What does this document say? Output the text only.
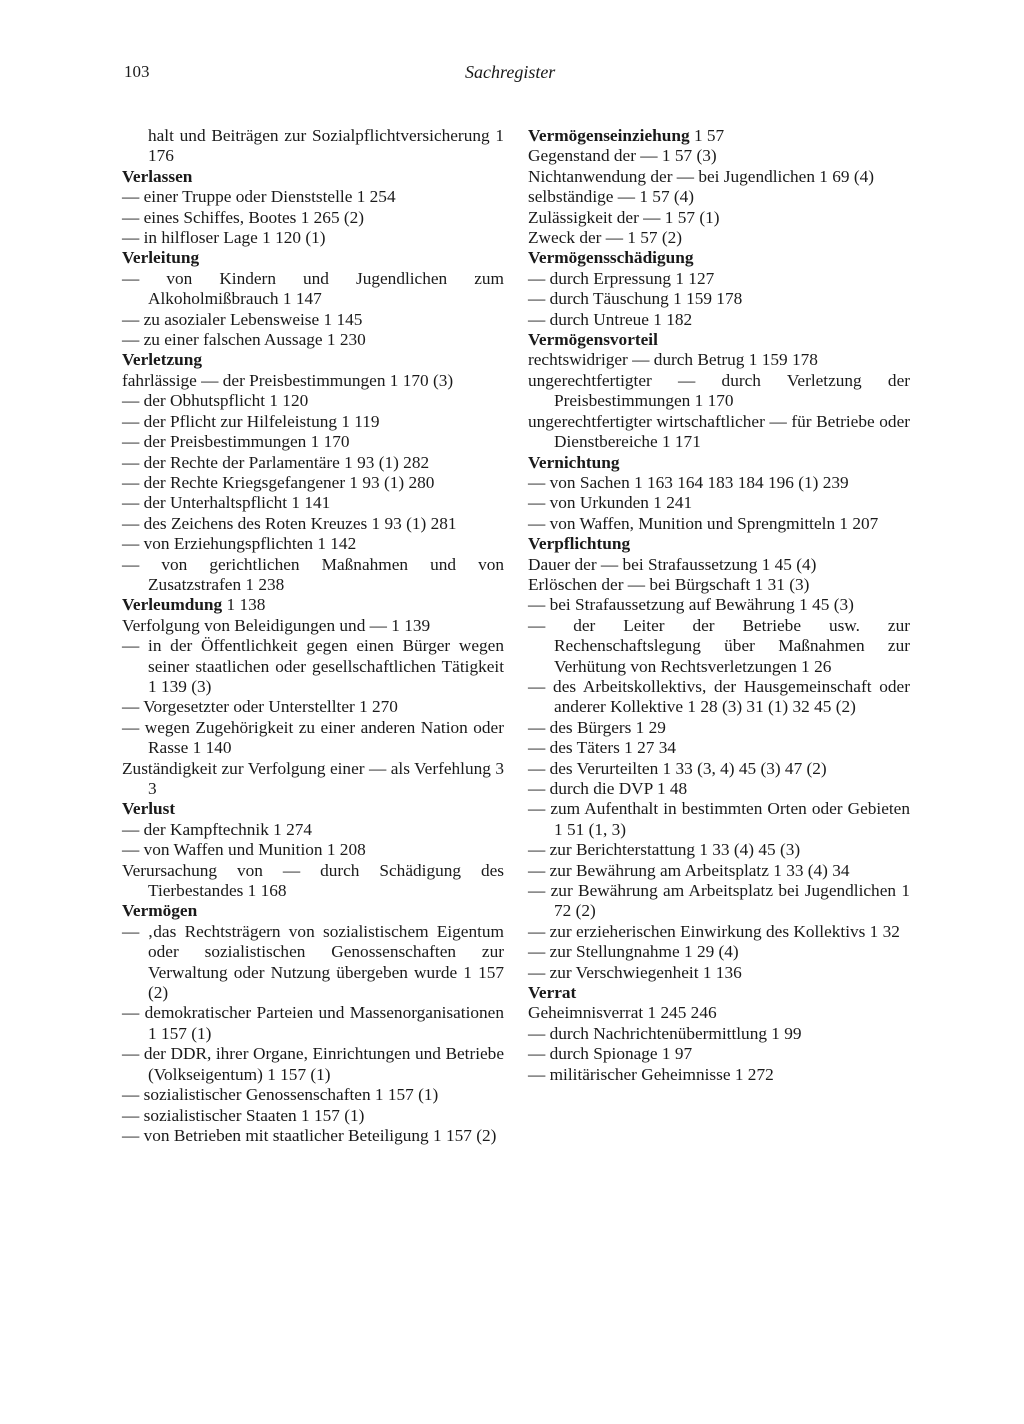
103	Sachregister
halt und Beiträgen zur Sozialpflichtversicherung 1 176
Verlassen
— einer Truppe oder Dienststelle 1 254
— eines Schiffes, Bootes 1 265 (2)
— in hilfloser Lage 1 120 (1)
Verleitung
— von Kindern und Jugendlichen zum Alkoholmißbrauch 1 147
— zu asozialer Lebensweise 1 145
— zu einer falschen Aussage 1 230
Verletzung
fahrlässige — der Preisbestimmungen 1 170 (3)
— der Obhutspflicht 1 120
— der Pflicht zur Hilfeleistung 1 119
— der Preisbestimmungen 1 170
— der Rechte der Parlamentäre 1 93 (1) 282
— der Rechte Kriegsgefangener 1 93 (1) 280
— der Unterhaltspflicht 1 141
— des Zeichens des Roten Kreuzes 1 93 (1) 281
— von Erziehungspflichten 1 142
— von gerichtlichen Maßnahmen und von Zusatzstrafen 1 238
Verleumdung 1 138
Verfolgung von Beleidigungen und — 1 139
— in der Öffentlichkeit gegen einen Bürger wegen seiner staatlichen oder gesellschaftlichen Tätigkeit 1 139 (3)
— Vorgesetzter oder Unterstellter 1 270
— wegen Zugehörigkeit zu einer anderen Nation oder Rasse 1 140
Zuständigkeit zur Verfolgung einer — als Verfehlung 3 3
Verlust
— der Kampftechnik 1 274
— von Waffen und Munition 1 208
Verursachung von — durch Schädigung des Tierbestandes 1 168
Vermögen
— ‚das Rechtsträgern von sozialistischem Eigentum oder sozialistischen Genossenschaften zur Verwaltung oder Nutzung übergeben wurde 1 157 (2)
— demokratischer Parteien und Massenorganisationen 1 157 (1)
— der DDR, ihrer Organe, Einrichtungen und Betriebe (Volkseigentum) 1 157 (1)
— sozialistischer Genossenschaften 1 157 (1)
— sozialistischer Staaten 1 157 (1)
— von Betrieben mit staatlicher Beteiligung 1 157 (2)
Vermögenseinziehung 1 57
Gegenstand der — 1 57 (3)
Nichtanwendung der — bei Jugendlichen 1 69 (4)
selbständige — 1 57 (4)
Zulässigkeit der — 1 57 (1)
Zweck der — 1 57 (2)
Vermögensschädigung
— durch Erpressung 1 127
— durch Täuschung 1 159 178
— durch Untreue 1 182
Vermögensvorteil
rechtswidriger — durch Betrug 1 159 178
ungerechtfertigter — durch Verletzung der Preisbestimmungen 1 170
ungerechtfertigter wirtschaftlicher — für Betriebe oder Dienstbereiche 1 171
Vernichtung
— von Sachen 1 163 164 183 184 196 (1) 239
— von Urkunden 1 241
— von Waffen, Munition und Sprengmitteln 1 207
Verpflichtung
Dauer der — bei Strafaussetzung 1 45 (4)
Erlöschen der — bei Bürgschaft 1 31 (3)
— bei Strafaussetzung auf Bewährung 1 45 (3)
— der Leiter der Betriebe usw. zur Rechenschaftslegung über Maßnahmen zur Verhütung von Rechtsverletzungen 1 26
— des Arbeitskollektivs, der Hausgemeinschaft oder anderer Kollektive 1 28 (3) 31 (1) 32 45 (2)
— des Bürgers 1 29
— des Täters 1 27 34
— des Verurteilten 1 33 (3, 4) 45 (3) 47 (2)
— durch die DVP 1 48
— zum Aufenthalt in bestimmten Orten oder Gebieten 1 51 (1, 3)
— zur Berichterstattung 1 33 (4) 45 (3)
— zur Bewährung am Arbeitsplatz 1 33 (4) 34
— zur Bewährung am Arbeitsplatz bei Jugendlichen 1 72 (2)
— zur erzieherischen Einwirkung des Kollektivs 1 32
— zur Stellungnahme 1 29 (4)
— zur Verschwiegenheit 1 136
Verrat
Geheimnisverrat 1 245 246
— durch Nachrichtenübermittlung 1 99
— durch Spionage 1 97
— militärischer Geheimnisse 1 272
